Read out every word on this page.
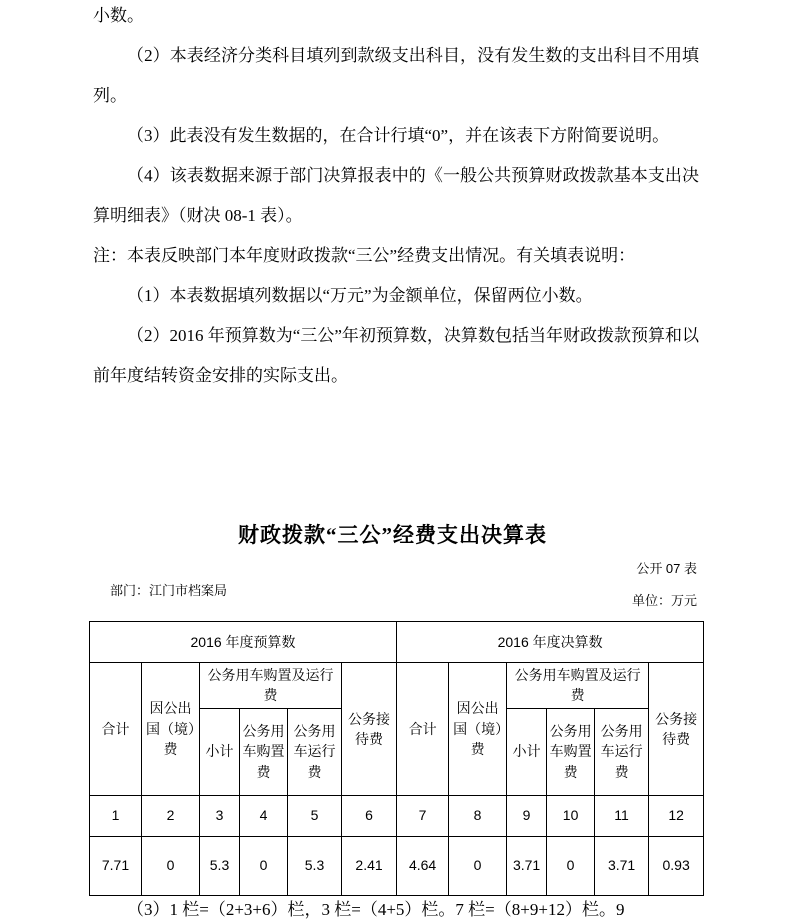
小数。

（2）本表经济分类科目填列到款级支出科目，没有发生数的支出科目不用填列。

（3）此表没有发生数据的，在合计行填“0”，并在该表下方附简要说明。

（4）该表数据来源于部门决算报表中的《一般公共预算财政拨款基本支出决算明细表》（财决 08-1 表）。

注：本表反映部门本年度财政拨款“三公”经费支出情况。有关填表说明：

（1）本表数据填列数据以“万元”为金额单位，保留两位小数。

（2）2016 年预算数为“三公”年初预算数，决算数包括当年财政拨款预算和以前年度结转资金安排的实际支出。

财政拨款“三公”经费支出决算表
公开 07 表
部门：江门市档案局
单位：万元
2016 年度预算数						2016 年度决算数					
合计	因公出国（境）费	公务用车购置及运行费			公务接待费	合计	因公出国（境）费	公务用车购置及运行费			公务接待费
		小计	公务用车购置费	公务用车运行费				小计	公务用车购置费	公务用车运行费	
1	2	3	4	5	6	7	8	9	10	11	12
7.71	0	5.3	0	5.3	2.41	4.64	0	3.71	0	3.71	0.93

（3）1 栏=（2+3+6）栏，3 栏=（4+5）栏。7 栏=（8+9+12）栏。9
